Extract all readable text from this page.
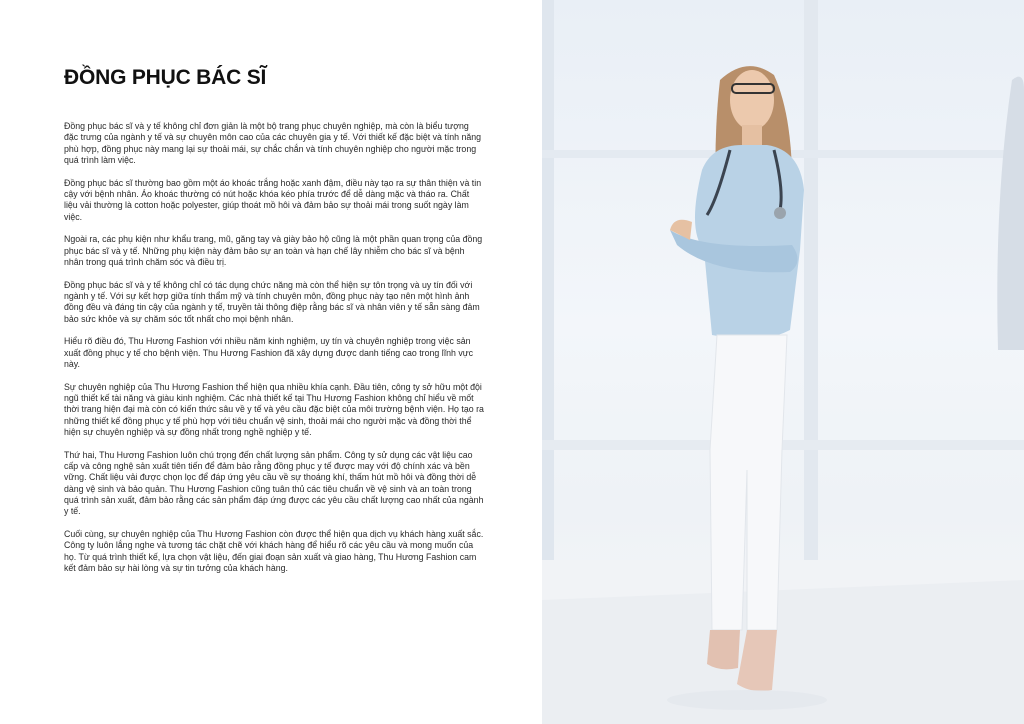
ĐỒNG PHỤC BÁC SĨ

Đồng phục bác sĩ và y tế không chỉ đơn giản là một bộ trang phục chuyên nghiệp, mà còn là biểu tượng đặc trưng của ngành y tế và sự chuyên môn cao của các chuyên gia y tế. Với thiết kế đặc biệt và tính năng phù hợp, đồng phục này mang lại sự thoải mái, sự chắc chắn và tính chuyên nghiệp cho người mặc trong quá trình làm việc.

Đồng phục bác sĩ thường bao gồm một áo khoác trắng hoặc xanh đậm, điều này tạo ra sự thân thiện và tin cậy với bệnh nhân. Áo khoác thường có nút hoặc khóa kéo phía trước để dễ dàng mặc và tháo ra. Chất liệu vải thường là cotton hoặc polyester, giúp thoát mồ hôi và đảm bảo sự thoải mái trong suốt ngày làm việc.

Ngoài ra, các phụ kiện như khẩu trang, mũ, găng tay và giày bảo hộ cũng là một phần quan trọng của đồng phục bác sĩ và y tế. Những phụ kiện này đảm bảo sự an toàn và hạn chế lây nhiễm cho bác sĩ và bệnh nhân trong quá trình chăm sóc và điều trị.

Đồng phục bác sĩ và y tế không chỉ có tác dụng chức năng mà còn thể hiện sự tôn trọng và uy tín đối với ngành y tế. Với sự kết hợp giữa tính thẩm mỹ và tính chuyên môn, đồng phục này tạo nên một hình ảnh đồng đều và đáng tin cậy của ngành y tế, truyền tải thông điệp rằng bác sĩ và nhân viên y tế sẵn sàng đảm bảo sức khỏe và sự chăm sóc tốt nhất cho mọi bệnh nhân.

Hiểu rõ điều đó, Thu Hương Fashion với nhiều năm kinh nghiệm, uy tín và chuyên nghiệp trong việc sản xuất đồng phục y tế cho bệnh viện. Thu Hương Fashion đã xây dựng được danh tiếng cao trong lĩnh vực này.

Sự chuyên nghiệp của Thu Hương Fashion thể hiện qua nhiều khía cạnh. Đầu tiên, công ty sở hữu một đội ngũ thiết kế tài năng và giàu kinh nghiệm. Các nhà thiết kế tại Thu Hương Fashion không chỉ hiểu về mốt thời trang hiện đại mà còn có kiến thức sâu về y tế và yêu cầu đặc biệt của môi trường bệnh viện. Họ tạo ra những thiết kế đồng phục y tế phù hợp với tiêu chuẩn vệ sinh, thoải mái cho người mặc và đồng thời thể hiện sự chuyên nghiệp và sự đồng nhất trong nghề nghiệp y tế.

Thứ hai, Thu Hương Fashion luôn chú trọng đến chất lượng sản phẩm. Công ty sử dụng các vật liệu cao cấp và công nghệ sản xuất tiên tiến để đảm bảo rằng đồng phục y tế được may với độ chính xác và bền vững. Chất liệu vải được chọn lọc để đáp ứng yêu cầu về sự thoáng khí, thấm hút mồ hôi và đồng thời dễ dàng vệ sinh và bảo quản. Thu Hương Fashion cũng tuân thủ các tiêu chuẩn về vệ sinh và an toàn trong quá trình sản xuất, đảm bảo rằng các sản phẩm đáp ứng được các yêu cầu chất lượng cao nhất của ngành y tế.

Cuối cùng, sự chuyên nghiệp của Thu Hương Fashion còn được thể hiện qua dịch vụ khách hàng xuất sắc. Công ty luôn lắng nghe và tương tác chặt chẽ với khách hàng để hiểu rõ các yêu cầu và mong muốn của họ. Từ quá trình thiết kế, lựa chọn vật liệu, đến giai đoạn sản xuất và giao hàng, Thu Hương Fashion cam kết đảm bảo sự hài lòng và sự tin tưởng của khách hàng.
